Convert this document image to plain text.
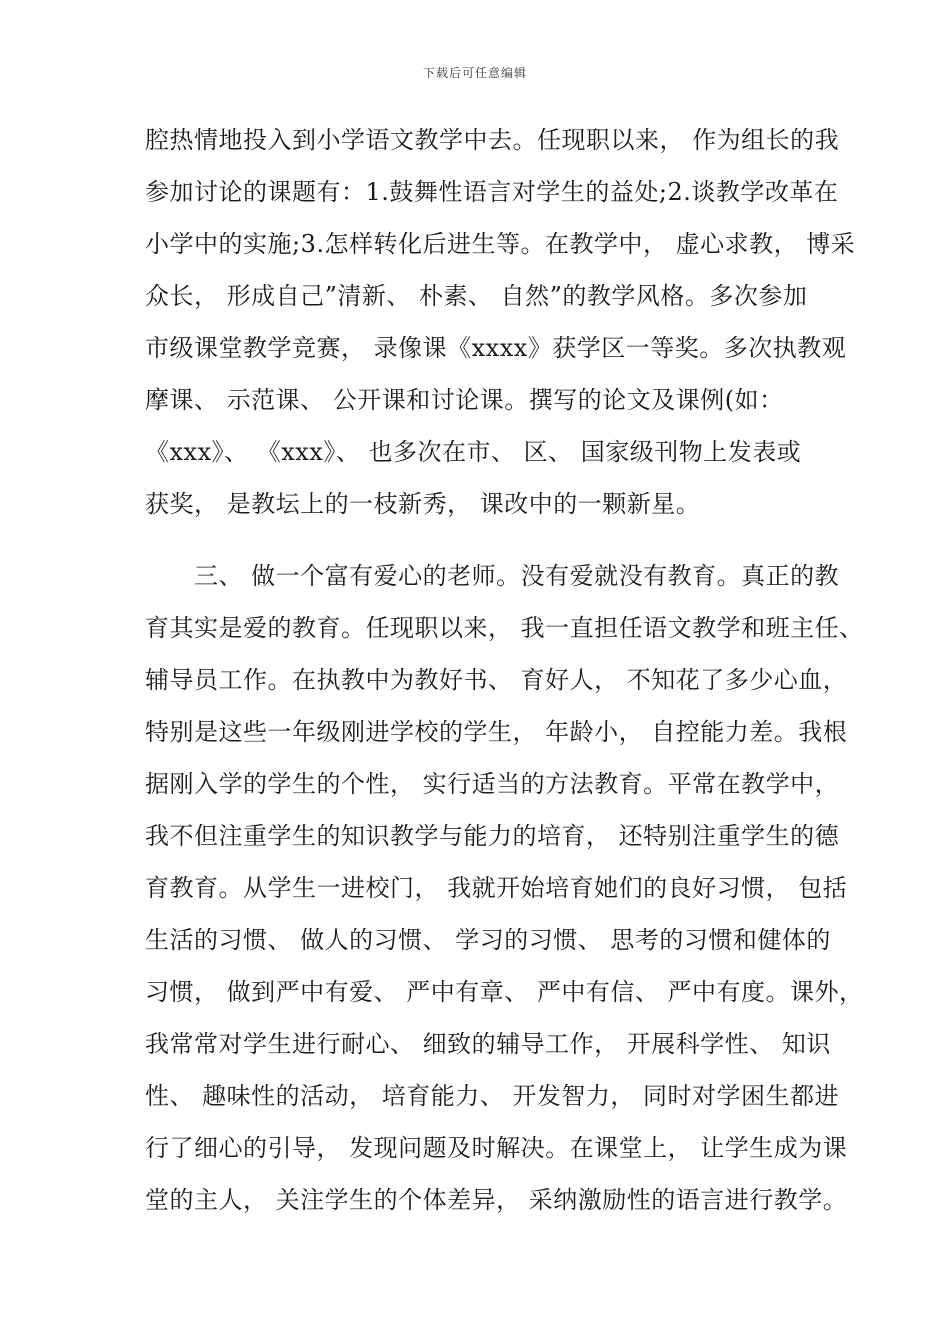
下载后可任意编辑
腔热情地投入到小学语文教学中去。任现职以来， 作为组长的我
参加讨论的课题有：1.鼓舞性语言对学生的益处;2.谈教学改革在
小学中的实施;3.怎样转化后进生等。在教学中， 虚心求教， 博采
众长， 形成自己”清新、 朴素、 自然”的教学风格。多次参加
市级课堂教学竞赛， 录像课《xxxx》获学区一等奖。多次执教观
摩课、 示范课、 公开课和讨论课。撰写的论文及课例(如：
《xxx》、 《xxx》、 也多次在市、 区、 国家级刊物上发表或
获奖， 是教坛上的一枝新秀， 课改中的一颗新星。
　　三、 做一个富有爱心的老师。没有爱就没有教育。真正的教
育其实是爱的教育。任现职以来， 我一直担任语文教学和班主任、
辅导员工作。在执教中为教好书、 育好人， 不知花了多少心血，
特别是这些一年级刚进学校的学生， 年龄小， 自控能力差。我根
据刚入学的学生的个性， 实行适当的方法教育。平常在教学中，
我不但注重学生的知识教学与能力的培育， 还特别注重学生的德
育教育。从学生一进校门， 我就开始培育她们的良好习惯， 包括
生活的习惯、 做人的习惯、 学习的习惯、 思考的习惯和健体的
习惯， 做到严中有爱、 严中有章、 严中有信、 严中有度。课外，
我常常对学生进行耐心、 细致的辅导工作， 开展科学性、 知识
性、 趣味性的活动， 培育能力、 开发智力， 同时对学困生都进
行了细心的引导， 发现问题及时解决。在课堂上， 让学生成为课
堂的主人， 关注学生的个体差异， 采纳激励性的语言进行教学。
